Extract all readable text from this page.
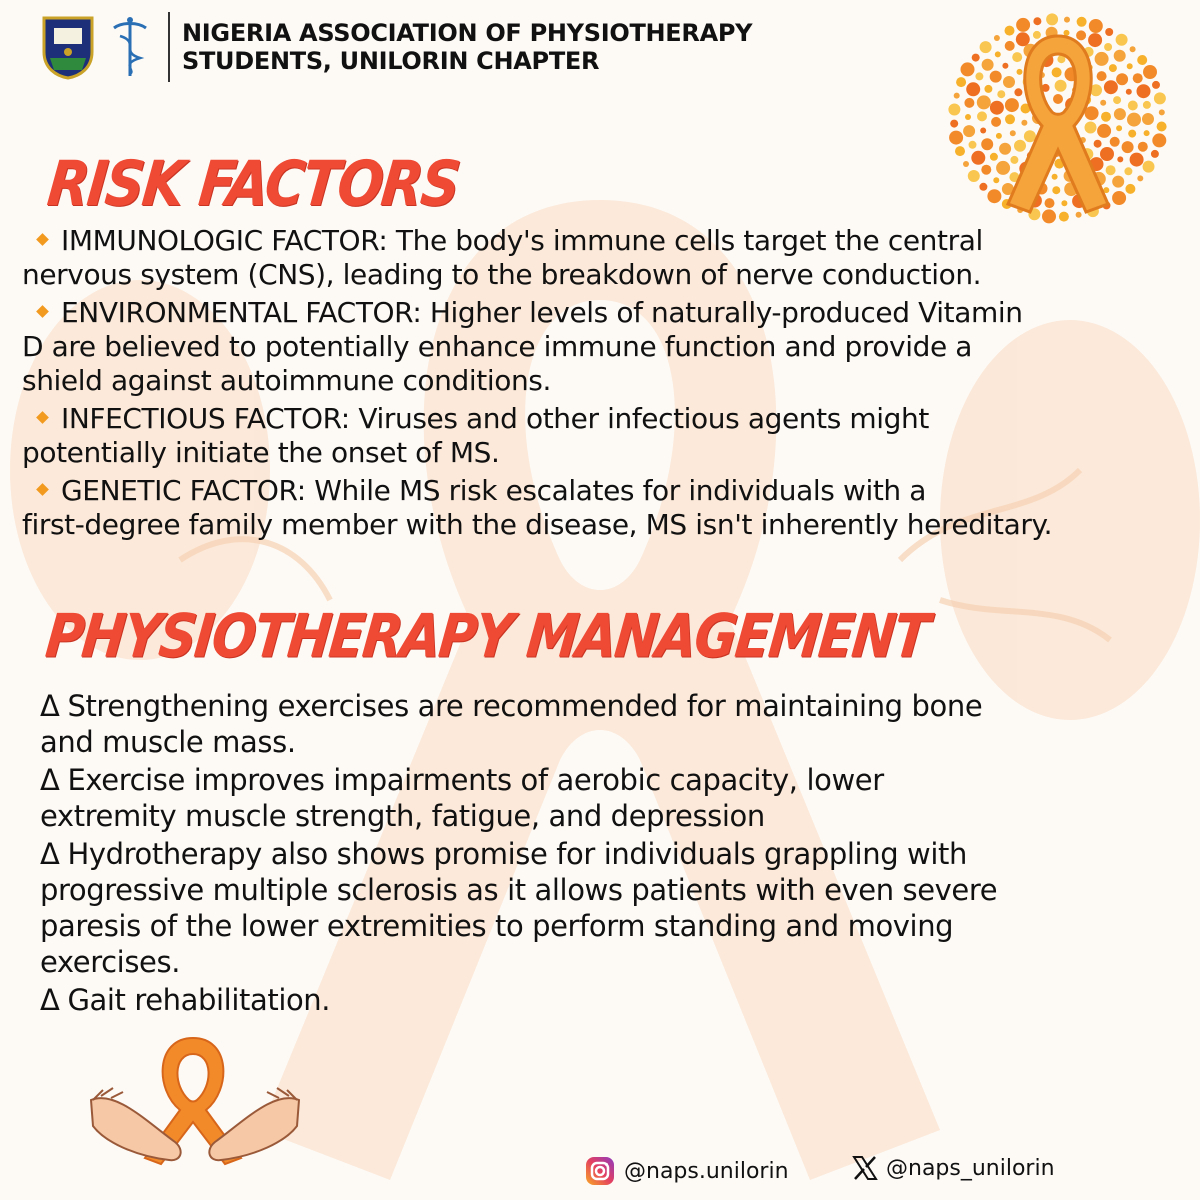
NIGERIA ASSOCIATION OF PHYSIOTHERAPY
STUDENTS, UNILORIN CHAPTER
RISK FACTORS
IMMUNOLOGIC FACTOR: The body's immune cells target the central
nervous system (CNS), leading to the breakdown of nerve conduction.
ENVIRONMENTAL FACTOR: Higher levels of naturally-produced Vitamin
D are believed to potentially enhance immune function and provide a
shield against autoimmune conditions.
INFECTIOUS FACTOR: Viruses and other infectious agents might
potentially initiate the onset of MS.
GENETIC FACTOR: While MS risk escalates for individuals with a
first-degree family member with the disease, MS isn't inherently hereditary.
PHYSIOTHERAPY MANAGEMENT
Δ Strengthening exercises are recommended for maintaining bone
and muscle mass.
Δ Exercise improves impairments of aerobic capacity, lower
extremity muscle strength, fatigue, and depression
Δ Hydrotherapy also shows promise for individuals grappling with
progressive multiple sclerosis as it allows patients with even severe
paresis of the lower extremities to perform standing and moving
exercises.
Δ Gait rehabilitation.
@naps.unilorin	@naps_unilorin
